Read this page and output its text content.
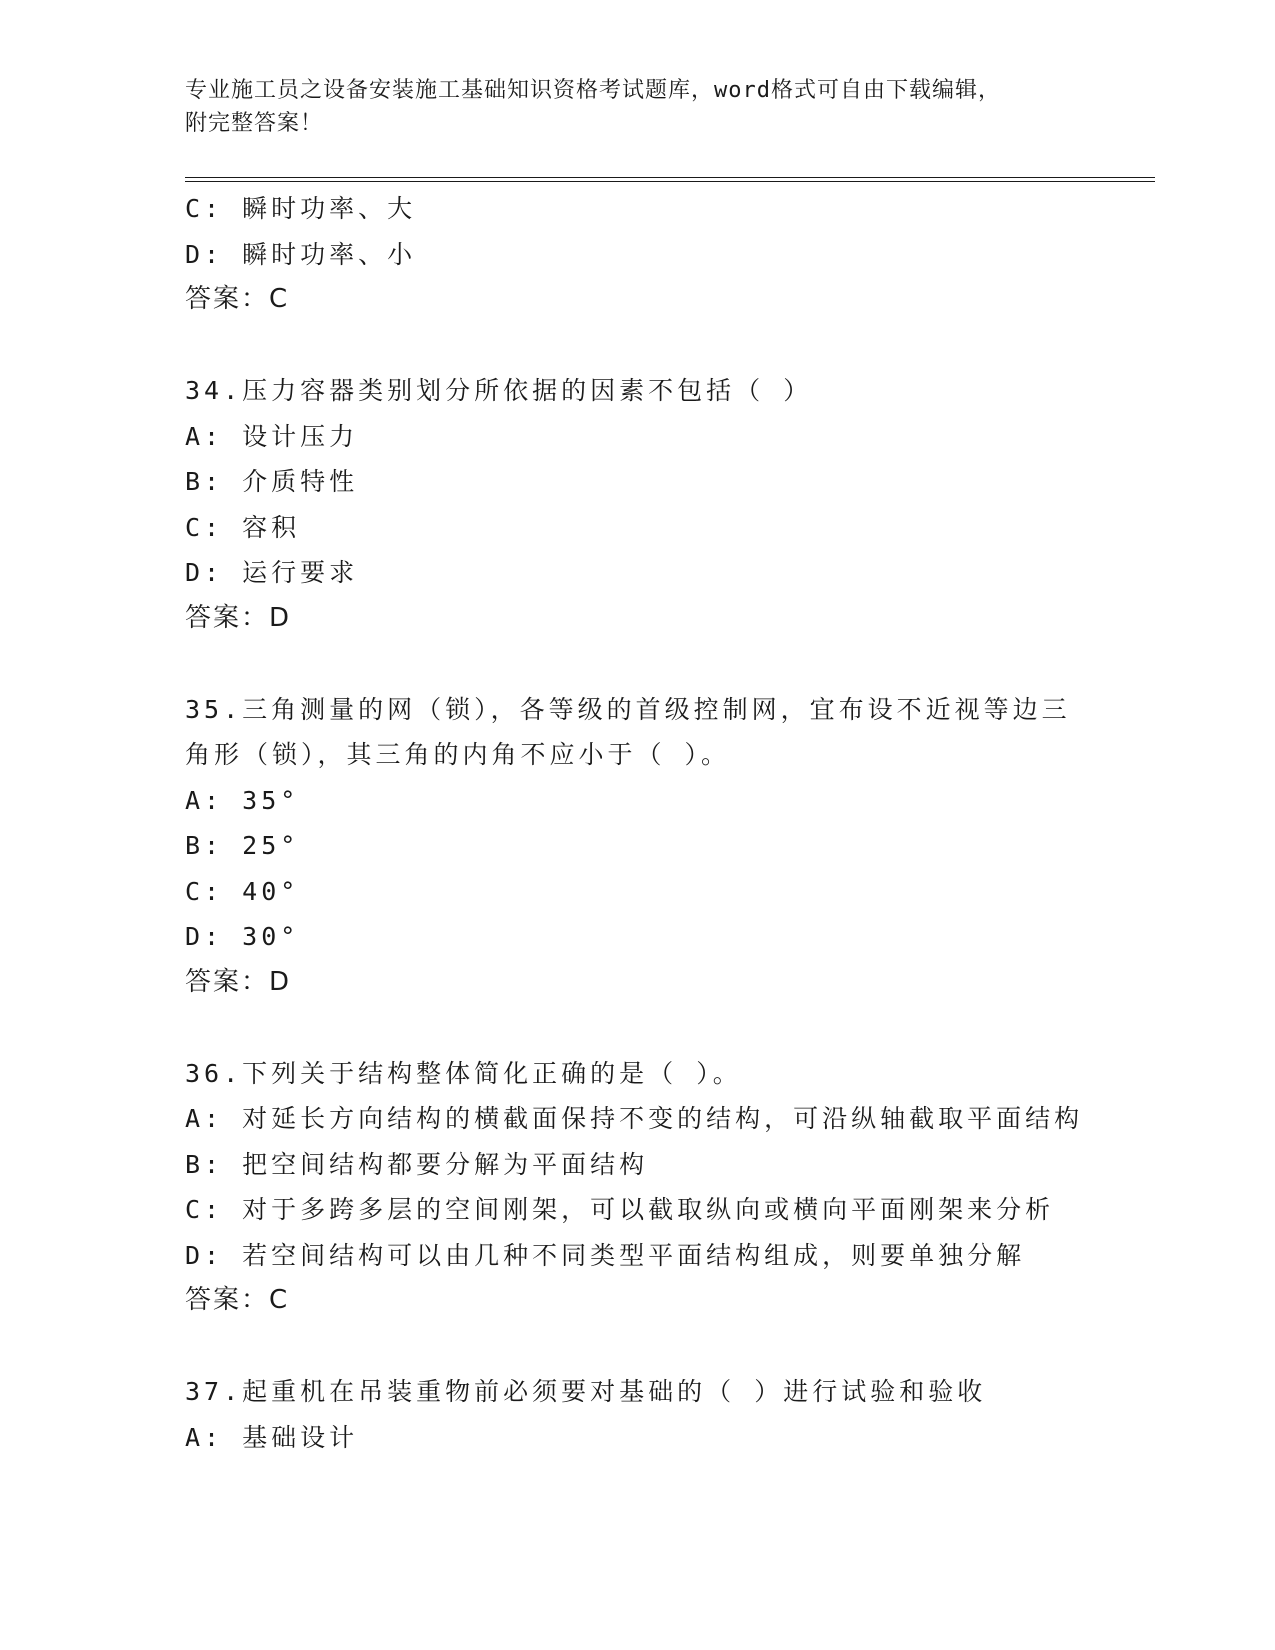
专业施工员之设备安装施工基础知识资格考试题库，word格式可自由下载编辑，
附完整答案！
C: 瞬时功率、大
D: 瞬时功率、小
答案：C
34.压力容器类别划分所依据的因素不包括（ ）
A: 设计压力
B: 介质特性
C: 容积
D: 运行要求
答案：D
35.三角测量的网（锁），各等级的首级控制网，宜布设不近视等边三
角形（锁），其三角的内角不应小于（ ）。
A: 35°
B: 25°
C: 40°
D: 30°
答案：D
36.下列关于结构整体简化正确的是（ ）。
A: 对延长方向结构的横截面保持不变的结构，可沿纵轴截取平面结构
B: 把空间结构都要分解为平面结构
C: 对于多跨多层的空间刚架，可以截取纵向或横向平面刚架来分析
D: 若空间结构可以由几种不同类型平面结构组成，则要单独分解
答案：C
37.起重机在吊装重物前必须要对基础的（ ）进行试验和验收
A: 基础设计
